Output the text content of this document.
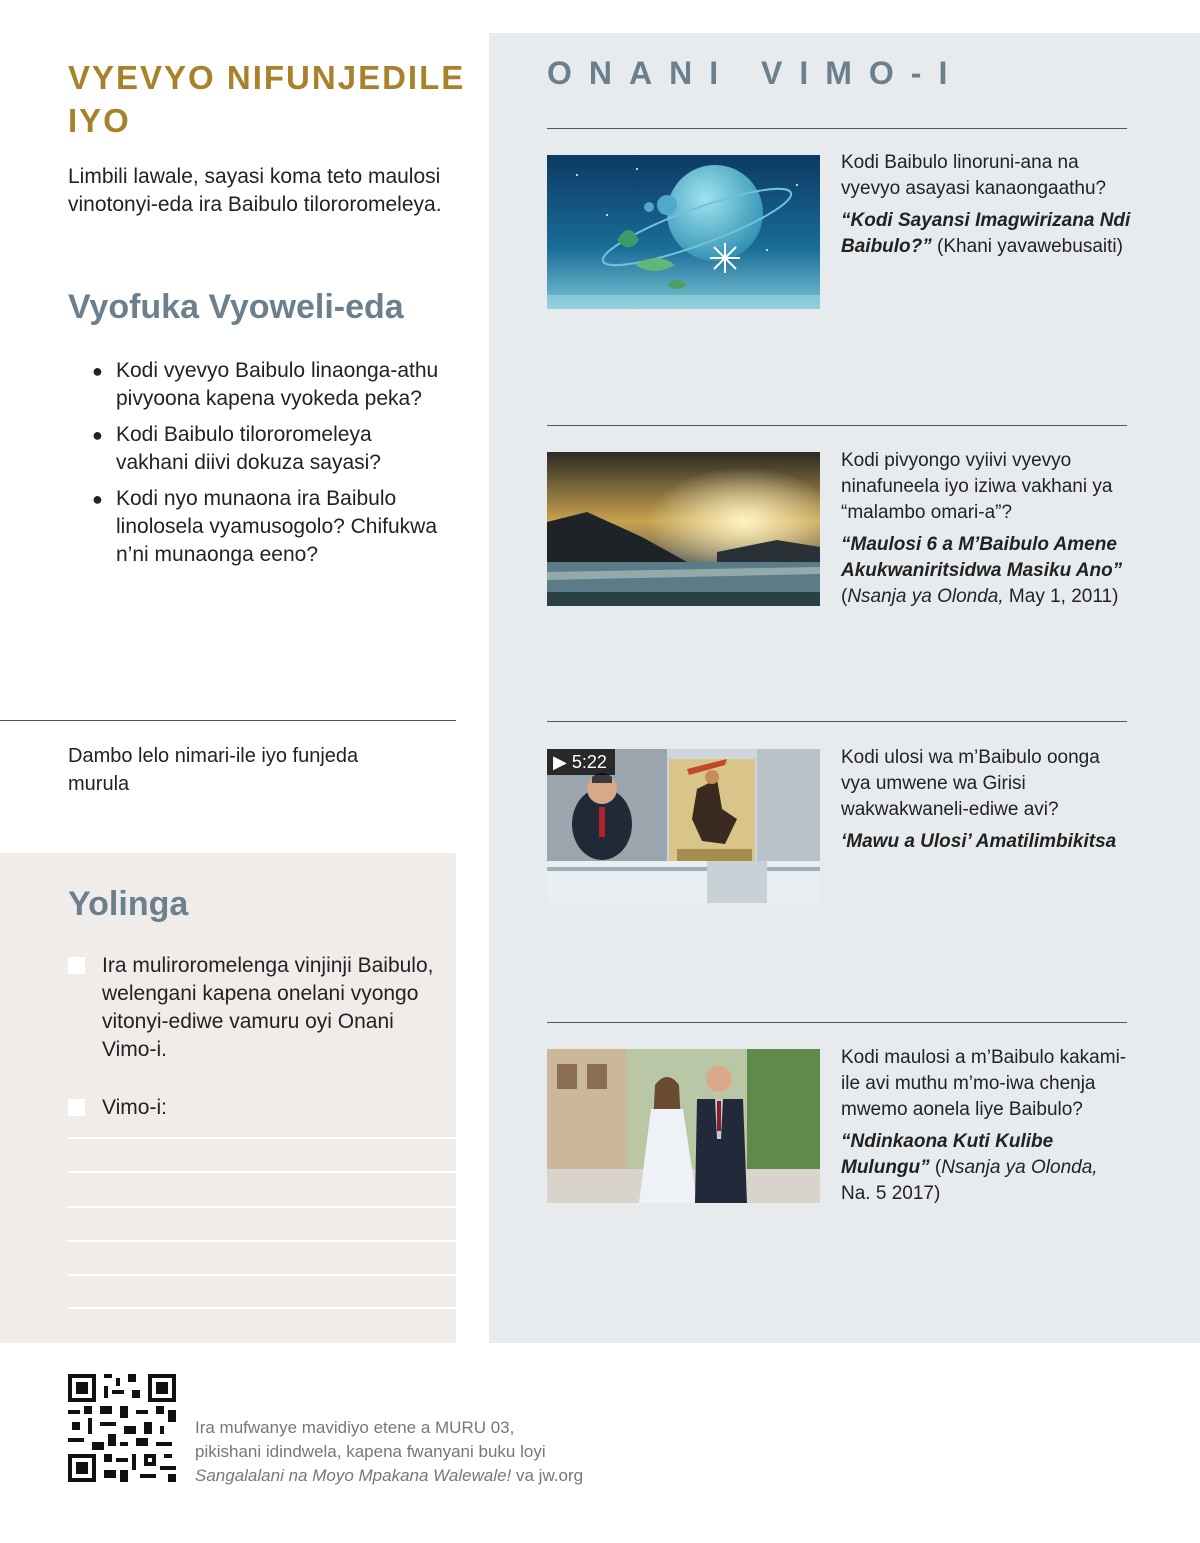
VYEVYO NIFUNJEDILE IYO

Limbili lawale, sayasi koma teto maulosi vinotonyi-eda ira Baibulo tilororomeleya.

Vyofuka Vyoweli-eda
● Kodi vyevyo Baibulo linaonga-athu pivyoona kapena vyokeda peka?
● Kodi Baibulo tilororomeleya vakhani diivi dokuza sayasi?
● Kodi nyo munaona ira Baibulo linolosela vyamusogolo? Chifukwa n’ni munaonga eeno?

Dambo lelo nimari-ile iyo funjeda murula

Yolinga
Ira muliroromelenga vinjinji Baibulo, welengani kapena onelani vyongo vitonyi-ediwe vamuru oyi Onani Vimo-i.
Vimo-i:
ONANI VIMO-I

Kodi Baibulo linoruni-ana na vyevyo asayasi kanaongaathu?

“Kodi Sayansi Imagwirizana Ndi Baibulo?” (Khani yavawebusaiti)

Kodi pivyongo vyiivi vyevyo ninafuneela iyo iziwa vakhani ya “malambo omari-a”?

“Maulosi 6 a M’Baibulo Amene Akukwaniritsidwa Masiku Ano” (Nsanja ya Olonda, May 1, 2011)

▶ 5:22	Kodi ulosi wa m’Baibulo oonga vya umwene wa Girisi wakwakwaneli-ediwe avi?

‘Mawu a Ulosi’ Amatilimbikitsa

Kodi maulosi a m’Baibulo kakami-ile avi muthu m’mo-iwa chenja mwemo aonela liye Baibulo?

“Ndinkaona Kuti Kulibe Mulungu” (Nsanja ya Olonda, Na. 5 2017)

Ira mufwanye mavidiyo etene a MURU 03,
pikishani idindwela, kapena fwanyani buku loyi
Sangalalani na Moyo Mpakana Walewale! va jw.org
